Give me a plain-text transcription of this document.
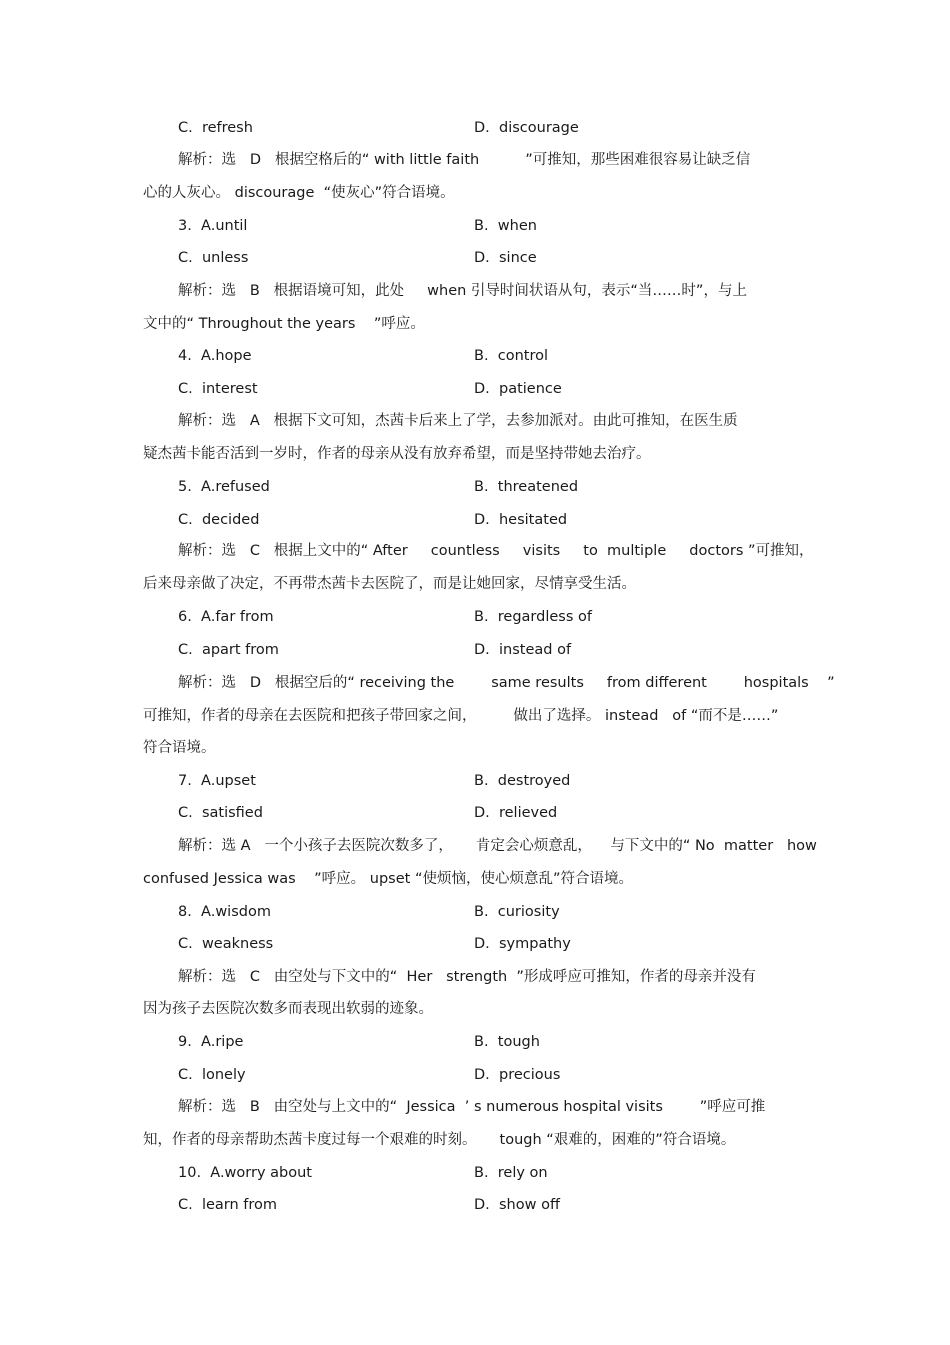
C.  refresh	D.  discourage
解析：选   D   根据空格后的“ with little faith          ”可推知，那些困难很容易让缺乏信
心的人灰心。 discourage  “使灰心”符合语境。
3.  A.until	B.  when
C.  unless	D.  since
解析：选   B   根据语境可知，此处     when 引导时间状语从句，表示“当……时”，与上
文中的“ Throughout the years    ”呼应。
4.  A.hope	B.  control
C.  interest	D.  patience
解析：选   A   根据下文可知，杰茜卡后来上了学，去参加派对。由此可推知，在医生质
疑杰茜卡能否活到一岁时，作者的母亲从没有放弃希望，而是坚持带她去治疗。
5.  A.refused	B.  threatened
C.  decided	D.  hesitated
解析：选   C   根据上文中的“ After     countless     visits     to  multiple     doctors ”可推知，
后来母亲做了决定，不再带杰茜卡去医院了，而是让她回家，尽情享受生活。
6.  A.far from	B.  regardless of
C.  apart from	D.  instead of
解析：选   D   根据空后的“ receiving the        same results     from different        hospitals    ”
可推知，作者的母亲在去医院和把孩子带回家之间，        做出了选择。 instead   of “而不是……”
符合语境。
7.  A.upset	B.  destroyed
C.  satisfied	D.  relieved
解析：选 A   一个小孩子去医院次数多了，     肯定会心烦意乱，    与下文中的“ No  matter   how
confused Jessica was    ”呼应。 upset “使烦恼，使心烦意乱”符合语境。
8.  A.wisdom	B.  curiosity
C.  weakness	D.  sympathy
解析：选   C   由空处与下文中的“  Her   strength  ”形成呼应可推知，作者的母亲并没有
因为孩子去医院次数多而表现出软弱的迹象。
9.  A.ripe	B.  tough
C.  lonely	D.  precious
解析：选   B   由空处与上文中的“  Jessica  ’ s numerous hospital visits        ”呼应可推
知，作者的母亲帮助杰茜卡度过每一个艰难的时刻。     tough “艰难的，困难的”符合语境。
10.  A.worry about	B.  rely on
C.  learn from	D.  show off
